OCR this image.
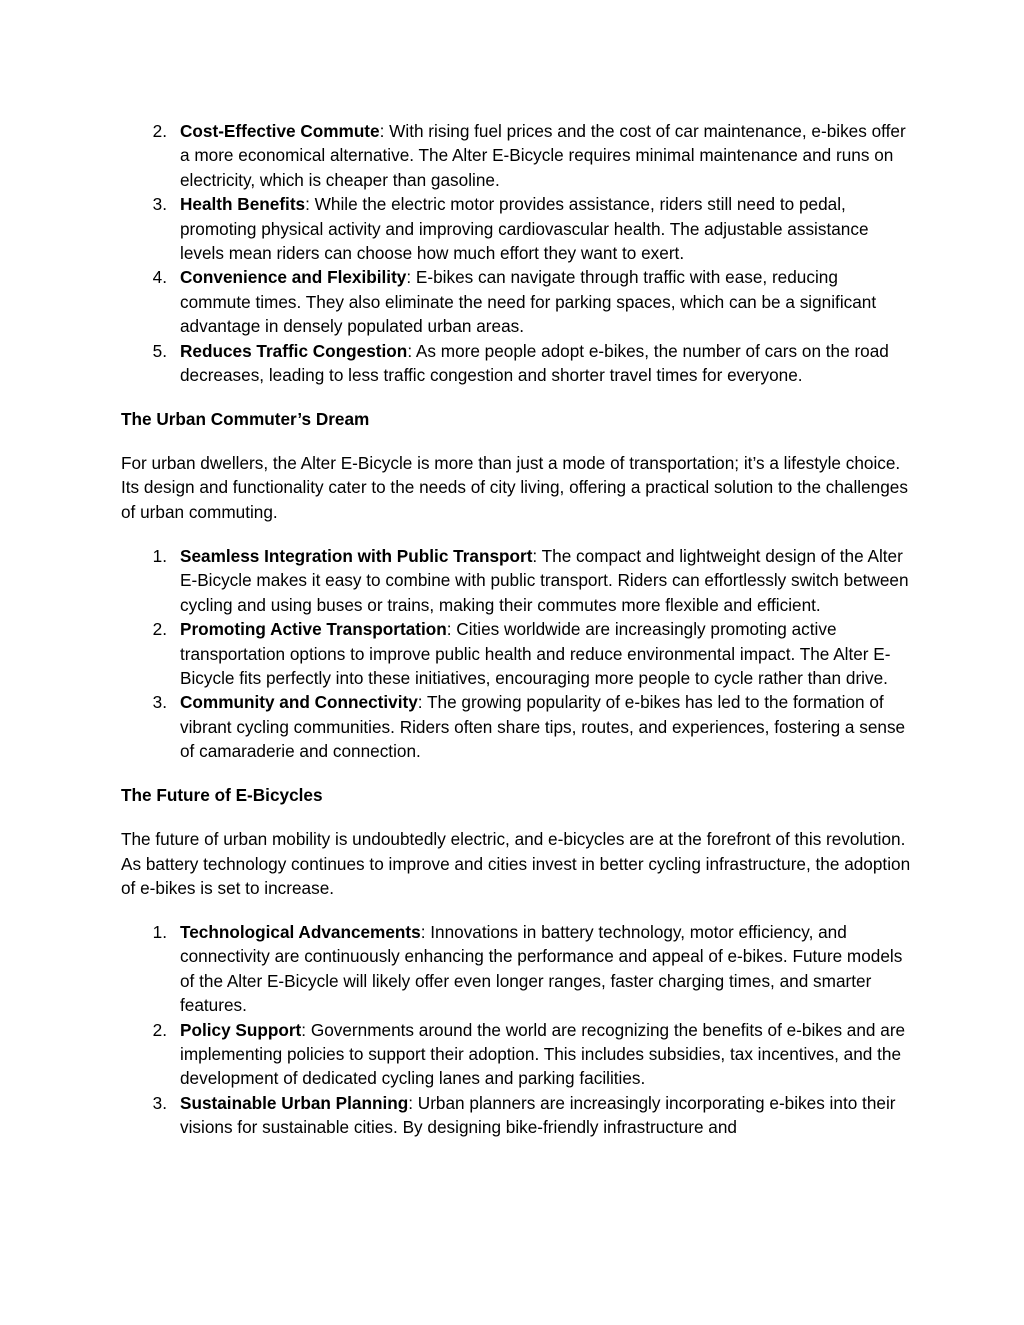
2. Cost-Effective Commute: With rising fuel prices and the cost of car maintenance, e-bikes offer a more economical alternative. The Alter E-Bicycle requires minimal maintenance and runs on electricity, which is cheaper than gasoline.
3. Health Benefits: While the electric motor provides assistance, riders still need to pedal, promoting physical activity and improving cardiovascular health. The adjustable assistance levels mean riders can choose how much effort they want to exert.
4. Convenience and Flexibility: E-bikes can navigate through traffic with ease, reducing commute times. They also eliminate the need for parking spaces, which can be a significant advantage in densely populated urban areas.
5. Reduces Traffic Congestion: As more people adopt e-bikes, the number of cars on the road decreases, leading to less traffic congestion and shorter travel times for everyone.

The Urban Commuter’s Dream

For urban dwellers, the Alter E-Bicycle is more than just a mode of transportation; it’s a lifestyle choice. Its design and functionality cater to the needs of city living, offering a practical solution to the challenges of urban commuting.

1. Seamless Integration with Public Transport: The compact and lightweight design of the Alter E-Bicycle makes it easy to combine with public transport. Riders can effortlessly switch between cycling and using buses or trains, making their commutes more flexible and efficient.
2. Promoting Active Transportation: Cities worldwide are increasingly promoting active transportation options to improve public health and reduce environmental impact. The Alter E-Bicycle fits perfectly into these initiatives, encouraging more people to cycle rather than drive.
3. Community and Connectivity: The growing popularity of e-bikes has led to the formation of vibrant cycling communities. Riders often share tips, routes, and experiences, fostering a sense of camaraderie and connection.

The Future of E-Bicycles

The future of urban mobility is undoubtedly electric, and e-bicycles are at the forefront of this revolution. As battery technology continues to improve and cities invest in better cycling infrastructure, the adoption of e-bikes is set to increase.

1. Technological Advancements: Innovations in battery technology, motor efficiency, and connectivity are continuously enhancing the performance and appeal of e-bikes. Future models of the Alter E-Bicycle will likely offer even longer ranges, faster charging times, and smarter features.
2. Policy Support: Governments around the world are recognizing the benefits of e-bikes and are implementing policies to support their adoption. This includes subsidies, tax incentives, and the development of dedicated cycling lanes and parking facilities.
3. Sustainable Urban Planning: Urban planners are increasingly incorporating e-bikes into their visions for sustainable cities. By designing bike-friendly infrastructure and
